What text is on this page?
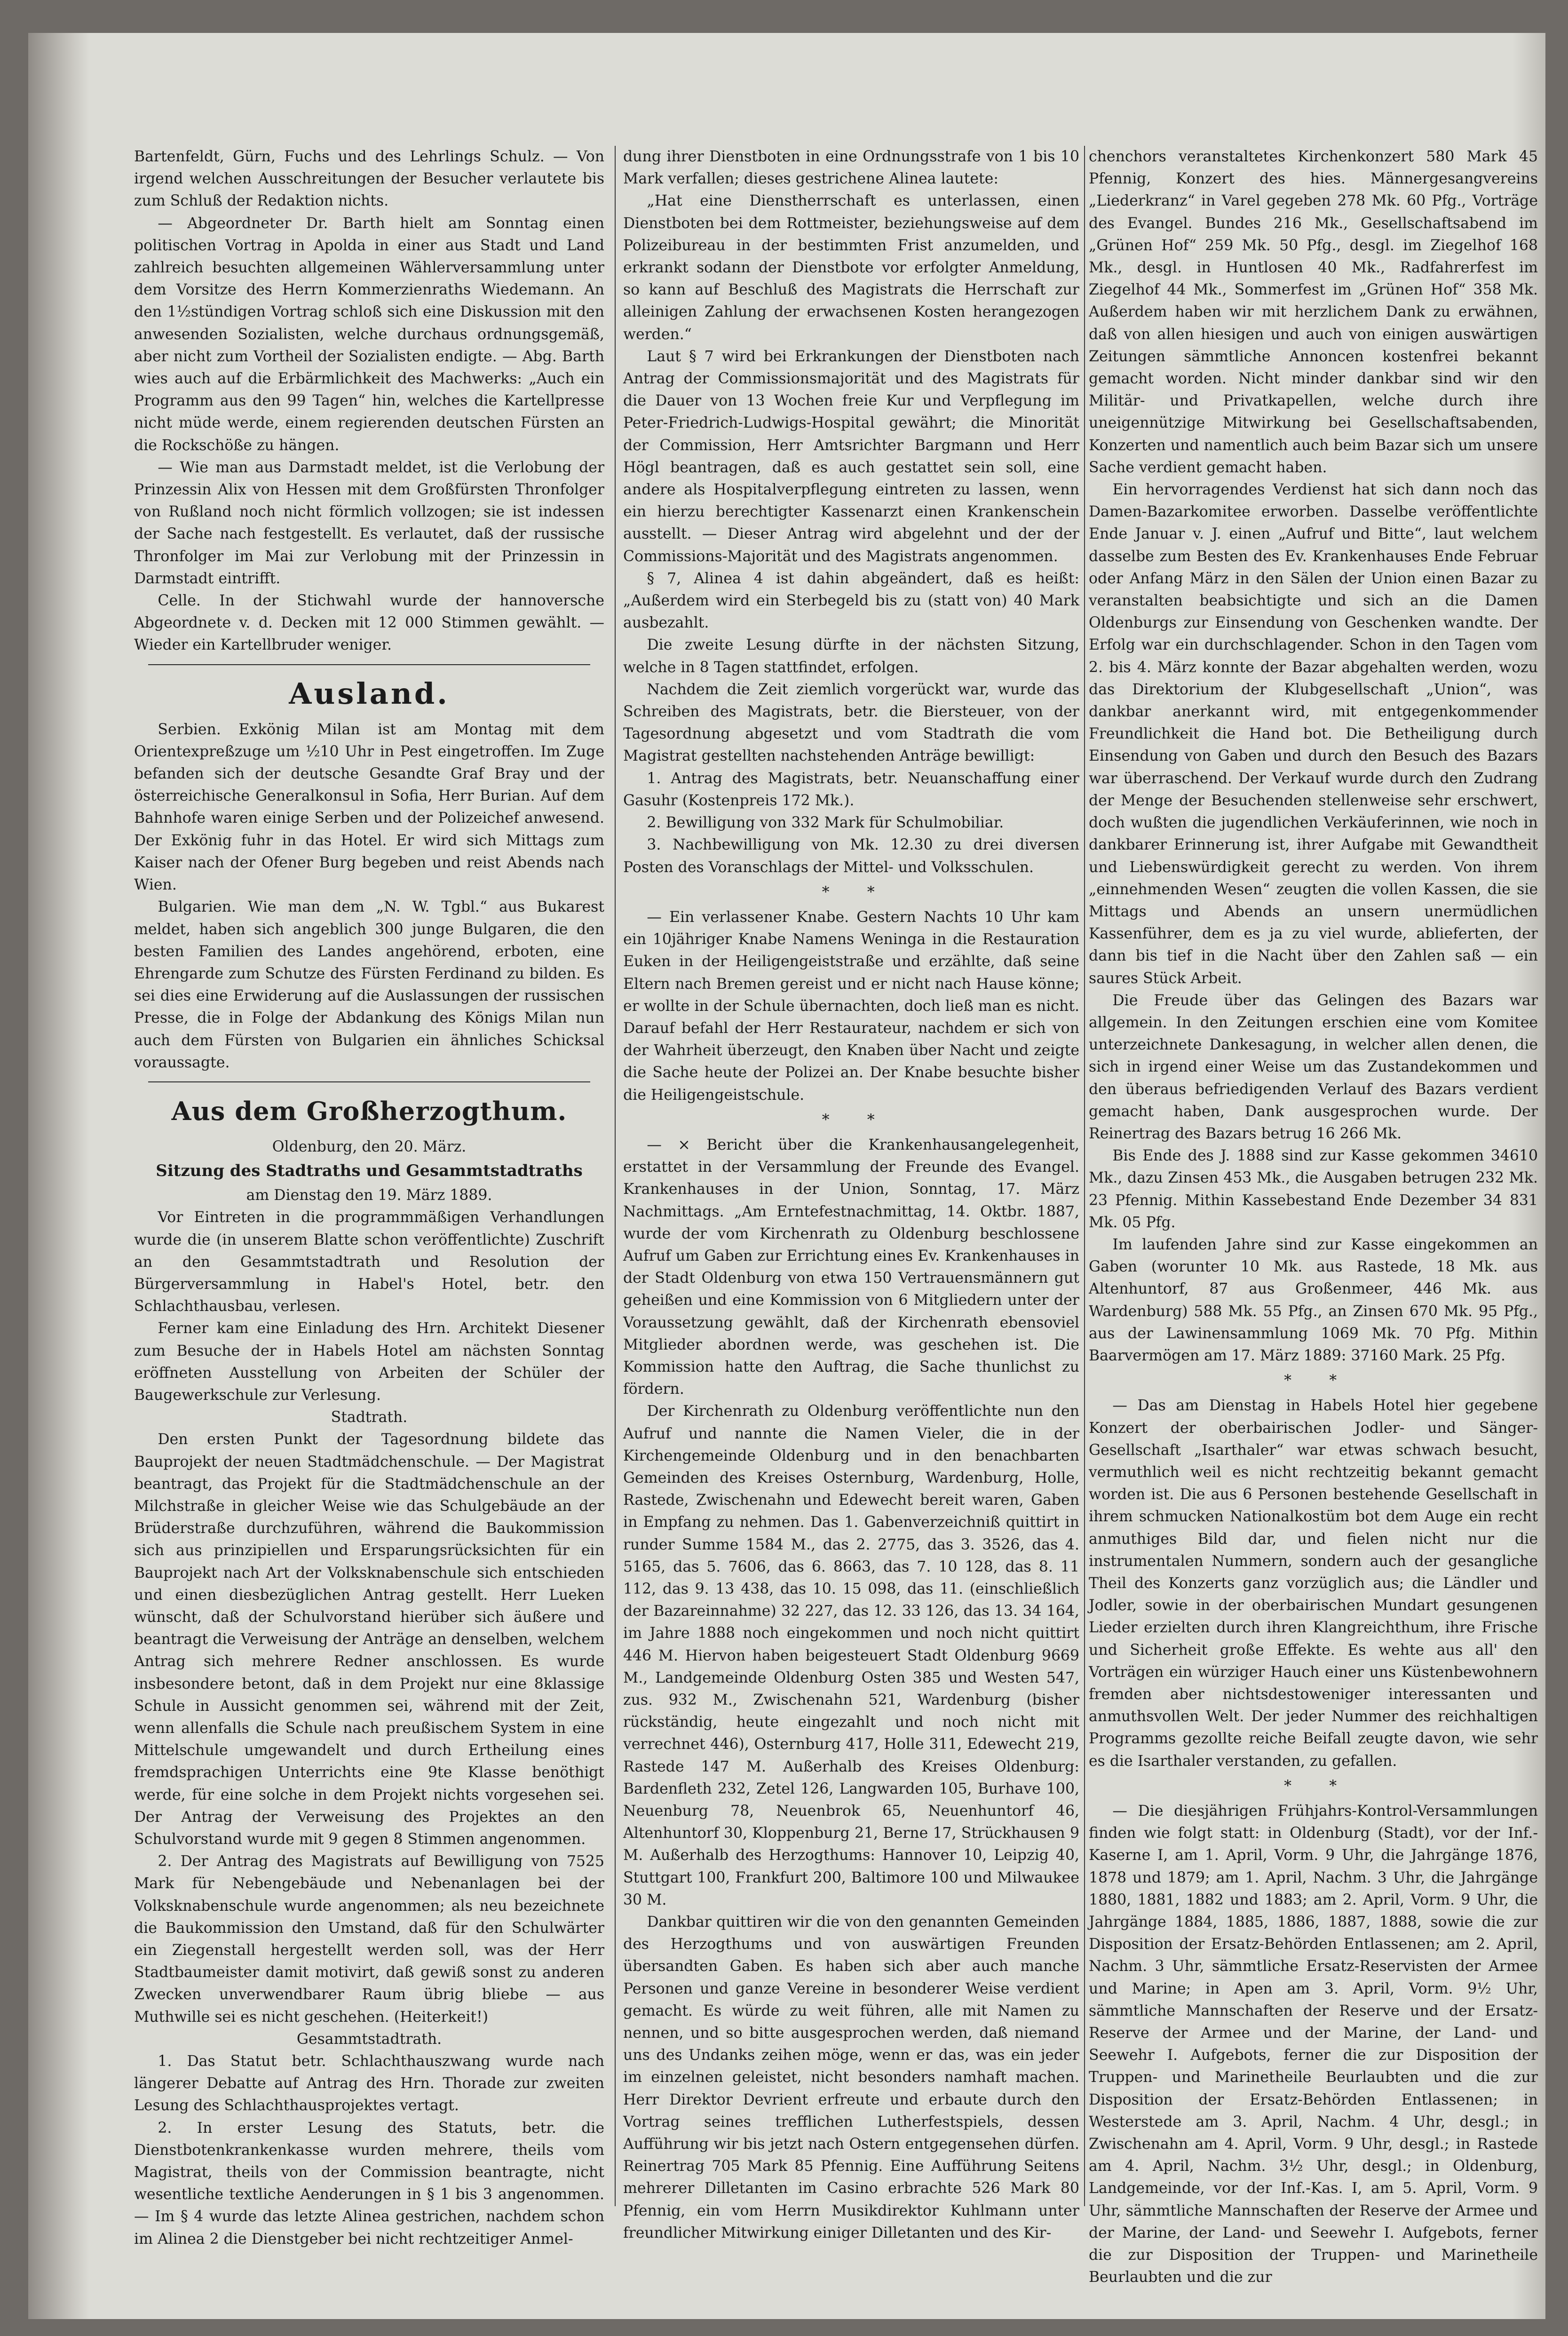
Bartenfeldt, Gürn, Fuchs und des Lehrlings Schulz. — Von irgend welchen Ausschreitungen der Besucher verlautete bis zum Schluß der Redaktion nichts.

— Abgeordneter Dr. Barth hielt am Sonntag einen politischen Vortrag in Apolda in einer aus Stadt und Land zahlreich besuchten allgemeinen Wählerversammlung unter dem Vorsitze des Herrn Kommerzienraths Wiedemann. An den 1½stündigen Vortrag schloß sich eine Diskussion mit den anwesenden Sozialisten, welche durchaus ordnungsgemäß, aber nicht zum Vortheil der Sozialisten endigte. — Abg. Barth wies auch auf die Erbärmlichkeit des Machwerks: „Auch ein Programm aus den 99 Tagen“ hin, welches die Kartellpresse nicht müde werde, einem regierenden deutschen Fürsten an die Rockschöße zu hängen.

— Wie man aus Darmstadt meldet, ist die Verlobung der Prinzessin Alix von Hessen mit dem Großfürsten Thronfolger von Rußland noch nicht förmlich vollzogen; sie ist indessen der Sache nach festgestellt. Es verlautet, daß der russische Thronfolger im Mai zur Verlobung mit der Prinzessin in Darmstadt eintrifft.

Celle. In der Stichwahl wurde der hannoversche Abgeordnete v. d. Decken mit 12 000 Stimmen gewählt. — Wieder ein Kartellbruder weniger.

Ausland.

Serbien. Exkönig Milan ist am Montag mit dem Orientexpreßzuge um ½10 Uhr in Pest eingetroffen. Im Zuge befanden sich der deutsche Gesandte Graf Bray und der österreichische Generalkonsul in Sofia, Herr Burian. Auf dem Bahnhofe waren einige Serben und der Polizeichef anwesend. Der Exkönig fuhr in das Hotel. Er wird sich Mittags zum Kaiser nach der Ofener Burg begeben und reist Abends nach Wien.

Bulgarien. Wie man dem „N. W. Tgbl.“ aus Bukarest meldet, haben sich angeblich 300 junge Bulgaren, die den besten Familien des Landes angehörend, erboten, eine Ehrengarde zum Schutze des Fürsten Ferdinand zu bilden. Es sei dies eine Erwiderung auf die Auslassungen der russischen Presse, die in Folge der Abdankung des Königs Milan nun auch dem Fürsten von Bulgarien ein ähnliches Schicksal voraussagte.

Aus dem Großherzogthum.

Oldenburg, den 20. März.

Sitzung des Stadtraths und Gesammtstadtraths

am Dienstag den 19. März 1889.

Vor Eintreten in die programmmäßigen Verhandlungen wurde die (in unserem Blatte schon veröffentlichte) Zuschrift an den Gesammtstadtrath und Resolution der Bürgerversammlung in Habel's Hotel, betr. den Schlachthausbau, verlesen.

Ferner kam eine Einladung des Hrn. Architekt Diesener zum Besuche der in Habels Hotel am nächsten Sonntag eröffneten Ausstellung von Arbeiten der Schüler der Baugewerkschule zur Verlesung.

Stadtrath.

Den ersten Punkt der Tagesordnung bildete das Bauprojekt der neuen Stadtmädchenschule. — Der Magistrat beantragt, das Projekt für die Stadtmädchenschule an der Milchstraße in gleicher Weise wie das Schulgebäude an der Brüderstraße durchzuführen, während die Baukommission sich aus prinzipiellen und Ersparungsrücksichten für ein Bauprojekt nach Art der Volksknabenschule sich entschieden und einen diesbezüglichen Antrag gestellt. Herr Lueken wünscht, daß der Schulvorstand hierüber sich äußere und beantragt die Verweisung der Anträge an denselben, welchem Antrag sich mehrere Redner anschlossen. Es wurde insbesondere betont, daß in dem Projekt nur eine 8klassige Schule in Aussicht genommen sei, während mit der Zeit, wenn allenfalls die Schule nach preußischem System in eine Mittelschule umgewandelt und durch Ertheilung eines fremdsprachigen Unterrichts eine 9te Klasse benöthigt werde, für eine solche in dem Projekt nichts vorgesehen sei. Der Antrag der Verweisung des Projektes an den Schulvorstand wurde mit 9 gegen 8 Stimmen angenommen.

2. Der Antrag des Magistrats auf Bewilligung von 7525 Mark für Nebengebäude und Nebenanlagen bei der Volksknabenschule wurde angenommen; als neu bezeichnete die Baukommission den Umstand, daß für den Schulwärter ein Ziegenstall hergestellt werden soll, was der Herr Stadtbaumeister damit motivirt, daß gewiß sonst zu anderen Zwecken unverwendbarer Raum übrig bliebe — aus Muthwille sei es nicht geschehen. (Heiterkeit!)

Gesammtstadtrath.

1. Das Statut betr. Schlachthauszwang wurde nach längerer Debatte auf Antrag des Hrn. Thorade zur zweiten Lesung des Schlachthausprojektes vertagt.

2. In erster Lesung des Statuts, betr. die Dienstbotenkrankenkasse wurden mehrere, theils vom Magistrat, theils von der Commission beantragte, nicht wesentliche textliche Aenderungen in § 1 bis 3 angenommen. — Im § 4 wurde das letzte Alinea gestrichen, nachdem schon im Alinea 2 die Dienstgeber bei nicht rechtzeitiger Anmel-

dung ihrer Dienstboten in eine Ordnungsstrafe von 1 bis 10 Mark verfallen; dieses gestrichene Alinea lautete:

„Hat eine Dienstherrschaft es unterlassen, einen Dienstboten bei dem Rottmeister, beziehungsweise auf dem Polizeibureau in der bestimmten Frist anzumelden, und erkrankt sodann der Dienstbote vor erfolgter Anmeldung, so kann auf Beschluß des Magistrats die Herrschaft zur alleinigen Zahlung der erwachsenen Kosten herangezogen werden.“

Laut § 7 wird bei Erkrankungen der Dienstboten nach Antrag der Commissionsmajorität und des Magistrats für die Dauer von 13 Wochen freie Kur und Verpflegung im Peter-Friedrich-Ludwigs-Hospital gewährt; die Minorität der Commission, Herr Amtsrichter Bargmann und Herr Högl beantragen, daß es auch gestattet sein soll, eine andere als Hospitalverpflegung eintreten zu lassen, wenn ein hierzu berechtigter Kassenarzt einen Krankenschein ausstellt. — Dieser Antrag wird abgelehnt und der der Commissions-Majorität und des Magistrats angenommen.

§ 7, Alinea 4 ist dahin abgeändert, daß es heißt: „Außerdem wird ein Sterbegeld bis zu (statt von) 40 Mark ausbezahlt.

Die zweite Lesung dürfte in der nächsten Sitzung, welche in 8 Tagen stattfindet, erfolgen.

Nachdem die Zeit ziemlich vorgerückt war, wurde das Schreiben des Magistrats, betr. die Biersteuer, von der Tagesordnung abgesetzt und vom Stadtrath die vom Magistrat gestellten nachstehenden Anträge bewilligt:

1. Antrag des Magistrats, betr. Neuanschaffung einer Gasuhr (Kostenpreis 172 Mk.).

2. Bewilligung von 332 Mark für Schulmobiliar.

3. Nachbewilligung von Mk. 12.30 zu drei diversen Posten des Voranschlags der Mittel- und Volksschulen.

*   *

— Ein verlassener Knabe. Gestern Nachts 10 Uhr kam ein 10jähriger Knabe Namens Weninga in die Restauration Euken in der Heiligengeiststraße und erzählte, daß seine Eltern nach Bremen gereist und er nicht nach Hause könne; er wollte in der Schule übernachten, doch ließ man es nicht. Darauf befahl der Herr Restaurateur, nachdem er sich von der Wahrheit überzeugt, den Knaben über Nacht und zeigte die Sache heute der Polizei an. Der Knabe besuchte bisher die Heiligengeistschule.

*   *

— × Bericht über die Krankenhausangelegenheit, erstattet in der Versammlung der Freunde des Evangel. Krankenhauses in der Union, Sonntag, 17. März Nachmittags. „Am Erntefestnachmittag, 14. Oktbr. 1887, wurde der vom Kirchenrath zu Oldenburg beschlossene Aufruf um Gaben zur Errichtung eines Ev. Krankenhauses in der Stadt Oldenburg von etwa 150 Vertrauensmännern gut geheißen und eine Kommission von 6 Mitgliedern unter der Voraussetzung gewählt, daß der Kirchenrath ebensoviel Mitglieder abordnen werde, was geschehen ist. Die Kommission hatte den Auftrag, die Sache thunlichst zu fördern.

Der Kirchenrath zu Oldenburg veröffentlichte nun den Aufruf und nannte die Namen Vieler, die in der Kirchengemeinde Oldenburg und in den benachbarten Gemeinden des Kreises Osternburg, Wardenburg, Holle, Rastede, Zwischenahn und Edewecht bereit waren, Gaben in Empfang zu nehmen. Das 1. Gabenverzeichniß quittirt in runder Summe 1584 M., das 2. 2775, das 3. 3526, das 4. 5165, das 5. 7606, das 6. 8663, das 7. 10 128, das 8. 11 112, das 9. 13 438, das 10. 15 098, das 11. (einschließlich der Bazareinnahme) 32 227, das 12. 33 126, das 13. 34 164, im Jahre 1888 noch eingekommen und noch nicht quittirt 446 M. Hiervon haben beigesteuert Stadt Oldenburg 9669 M., Landgemeinde Oldenburg Osten 385 und Westen 547, zus. 932 M., Zwischenahn 521, Wardenburg (bisher rückständig, heute eingezahlt und noch nicht mit verrechnet 446), Osternburg 417, Holle 311, Edewecht 219, Rastede 147 M. Außerhalb des Kreises Oldenburg: Bardenfleth 232, Zetel 126, Langwarden 105, Burhave 100, Neuenburg 78, Neuenbrok 65, Neuenhuntorf 46, Altenhuntorf 30, Kloppenburg 21, Berne 17, Strückhausen 9 M. Außerhalb des Herzogthums: Hannover 10, Leipzig 40, Stuttgart 100, Frankfurt 200, Baltimore 100 und Milwaukee 30 M.

Dankbar quittiren wir die von den genannten Gemeinden des Herzogthums und von auswärtigen Freunden übersandten Gaben. Es haben sich aber auch manche Personen und ganze Vereine in besonderer Weise verdient gemacht. Es würde zu weit führen, alle mit Namen zu nennen, und so bitte ausgesprochen werden, daß niemand uns des Undanks zeihen möge, wenn er das, was ein jeder im einzelnen geleistet, nicht besonders namhaft machen. Herr Direktor Devrient erfreute und erbaute durch den Vortrag seines trefflichen Lutherfestspiels, dessen Aufführung wir bis jetzt nach Ostern entgegensehen dürfen. Reinertrag 705 Mark 85 Pfennig. Eine Aufführung Seitens mehrerer Dilletanten im Casino erbrachte 526 Mark 80 Pfennig, ein vom Herrn Musikdirektor Kuhlmann unter freundlicher Mitwirkung einiger Dilletanten und des Kir-

chenchors veranstaltetes Kirchenkonzert 580 Mark 45 Pfennig, Konzert des hies. Männergesangvereins „Liederkranz“ in Varel gegeben 278 Mk. 60 Pfg., Vorträge des Evangel. Bundes 216 Mk., Gesellschaftsabend im „Grünen Hof“ 259 Mk. 50 Pfg., desgl. im Ziegelhof 168 Mk., desgl. in Huntlosen 40 Mk., Radfahrerfest im Ziegelhof 44 Mk., Sommerfest im „Grünen Hof“ 358 Mk. Außerdem haben wir mit herzlichem Dank zu erwähnen, daß von allen hiesigen und auch von einigen auswärtigen Zeitungen sämmtliche Annoncen kostenfrei bekannt gemacht worden. Nicht minder dankbar sind wir den Militär- und Privatkapellen, welche durch ihre uneigennützige Mitwirkung bei Gesellschaftsabenden, Konzerten und namentlich auch beim Bazar sich um unsere Sache verdient gemacht haben.

Ein hervorragendes Verdienst hat sich dann noch das Damen-Bazarkomitee erworben. Dasselbe veröffentlichte Ende Januar v. J. einen „Aufruf und Bitte“, laut welchem dasselbe zum Besten des Ev. Krankenhauses Ende Februar oder Anfang März in den Sälen der Union einen Bazar zu veranstalten beabsichtigte und sich an die Damen Oldenburgs zur Einsendung von Geschenken wandte. Der Erfolg war ein durchschlagender. Schon in den Tagen vom 2. bis 4. März konnte der Bazar abgehalten werden, wozu das Direktorium der Klubgesellschaft „Union“, was dankbar anerkannt wird, mit entgegenkommender Freundlichkeit die Hand bot. Die Betheiligung durch Einsendung von Gaben und durch den Besuch des Bazars war überraschend. Der Verkauf wurde durch den Zudrang der Menge der Besuchenden stellenweise sehr erschwert, doch wußten die jugendlichen Verkäuferinnen, wie noch in dankbarer Erinnerung ist, ihrer Aufgabe mit Gewandtheit und Liebenswürdigkeit gerecht zu werden. Von ihrem „einnehmenden Wesen“ zeugten die vollen Kassen, die sie Mittags und Abends an unsern unermüdlichen Kassenführer, dem es ja zu viel wurde, ablieferten, der dann bis tief in die Nacht über den Zahlen saß — ein saures Stück Arbeit.

Die Freude über das Gelingen des Bazars war allgemein. In den Zeitungen erschien eine vom Komitee unterzeichnete Dankesagung, in welcher allen denen, die sich in irgend einer Weise um das Zustandekommen und den überaus befriedigenden Verlauf des Bazars verdient gemacht haben, Dank ausgesprochen wurde. Der Reinertrag des Bazars betrug 16 266 Mk.

Bis Ende des J. 1888 sind zur Kasse gekommen 34610 Mk., dazu Zinsen 453 Mk., die Ausgaben betrugen 232 Mk. 23 Pfennig. Mithin Kassebestand Ende Dezember 34 831 Mk. 05 Pfg.

Im laufenden Jahre sind zur Kasse eingekommen an Gaben (worunter 10 Mk. aus Rastede, 18 Mk. aus Altenhuntorf, 87 aus Großenmeer, 446 Mk. aus Wardenburg) 588 Mk. 55 Pfg., an Zinsen 670 Mk. 95 Pfg., aus der Lawinensammlung 1069 Mk. 70 Pfg. Mithin Baarvermögen am 17. März 1889: 37160 Mark. 25 Pfg.

*   *

— Das am Dienstag in Habels Hotel hier gegebene Konzert der oberbairischen Jodler- und Sänger-Gesellschaft „Isarthaler“ war etwas schwach besucht, vermuthlich weil es nicht rechtzeitig bekannt gemacht worden ist. Die aus 6 Personen bestehende Gesellschaft in ihrem schmucken Nationalkostüm bot dem Auge ein recht anmuthiges Bild dar, und fielen nicht nur die instrumentalen Nummern, sondern auch der gesangliche Theil des Konzerts ganz vorzüglich aus; die Ländler und Jodler, sowie in der oberbairischen Mundart gesungenen Lieder erzielten durch ihren Klangreichthum, ihre Frische und Sicherheit große Effekte. Es wehte aus all' den Vorträgen ein würziger Hauch einer uns Küstenbewohnern fremden aber nichtsdestoweniger interessanten und anmuthsvollen Welt. Der jeder Nummer des reichhaltigen Programms gezollte reiche Beifall zeugte davon, wie sehr es die Isarthaler verstanden, zu gefallen.

*   *

— Die diesjährigen Frühjahrs-Kontrol-Versammlungen finden wie folgt statt: in Oldenburg (Stadt), vor der Inf.-Kaserne I, am 1. April, Vorm. 9 Uhr, die Jahrgänge 1876, 1878 und 1879; am 1. April, Nachm. 3 Uhr, die Jahrgänge 1880, 1881, 1882 und 1883; am 2. April, Vorm. 9 Uhr, die Jahrgänge 1884, 1885, 1886, 1887, 1888, sowie die zur Disposition der Ersatz-Behörden Entlassenen; am 2. April, Nachm. 3 Uhr, sämmtliche Ersatz-Reservisten der Armee und Marine; in Apen am 3. April, Vorm. 9½ Uhr, sämmtliche Mannschaften der Reserve und der Ersatz-Reserve der Armee und der Marine, der Land- und Seewehr I. Aufgebots, ferner die zur Disposition der Truppen- und Marinetheile Beurlaubten und die zur Disposition der Ersatz-Behörden Entlassenen; in Westerstede am 3. April, Nachm. 4 Uhr, desgl.; in Zwischenahn am 4. April, Vorm. 9 Uhr, desgl.; in Rastede am 4. April, Nachm. 3½ Uhr, desgl.; in Oldenburg, Landgemeinde, vor der Inf.-Kas. I, am 5. April, Vorm. 9 Uhr, sämmtliche Mannschaften der Reserve der Armee und der Marine, der Land- und Seewehr I. Aufgebots, ferner die zur Disposition der Truppen- und Marinetheile Beurlaubten und die zur
